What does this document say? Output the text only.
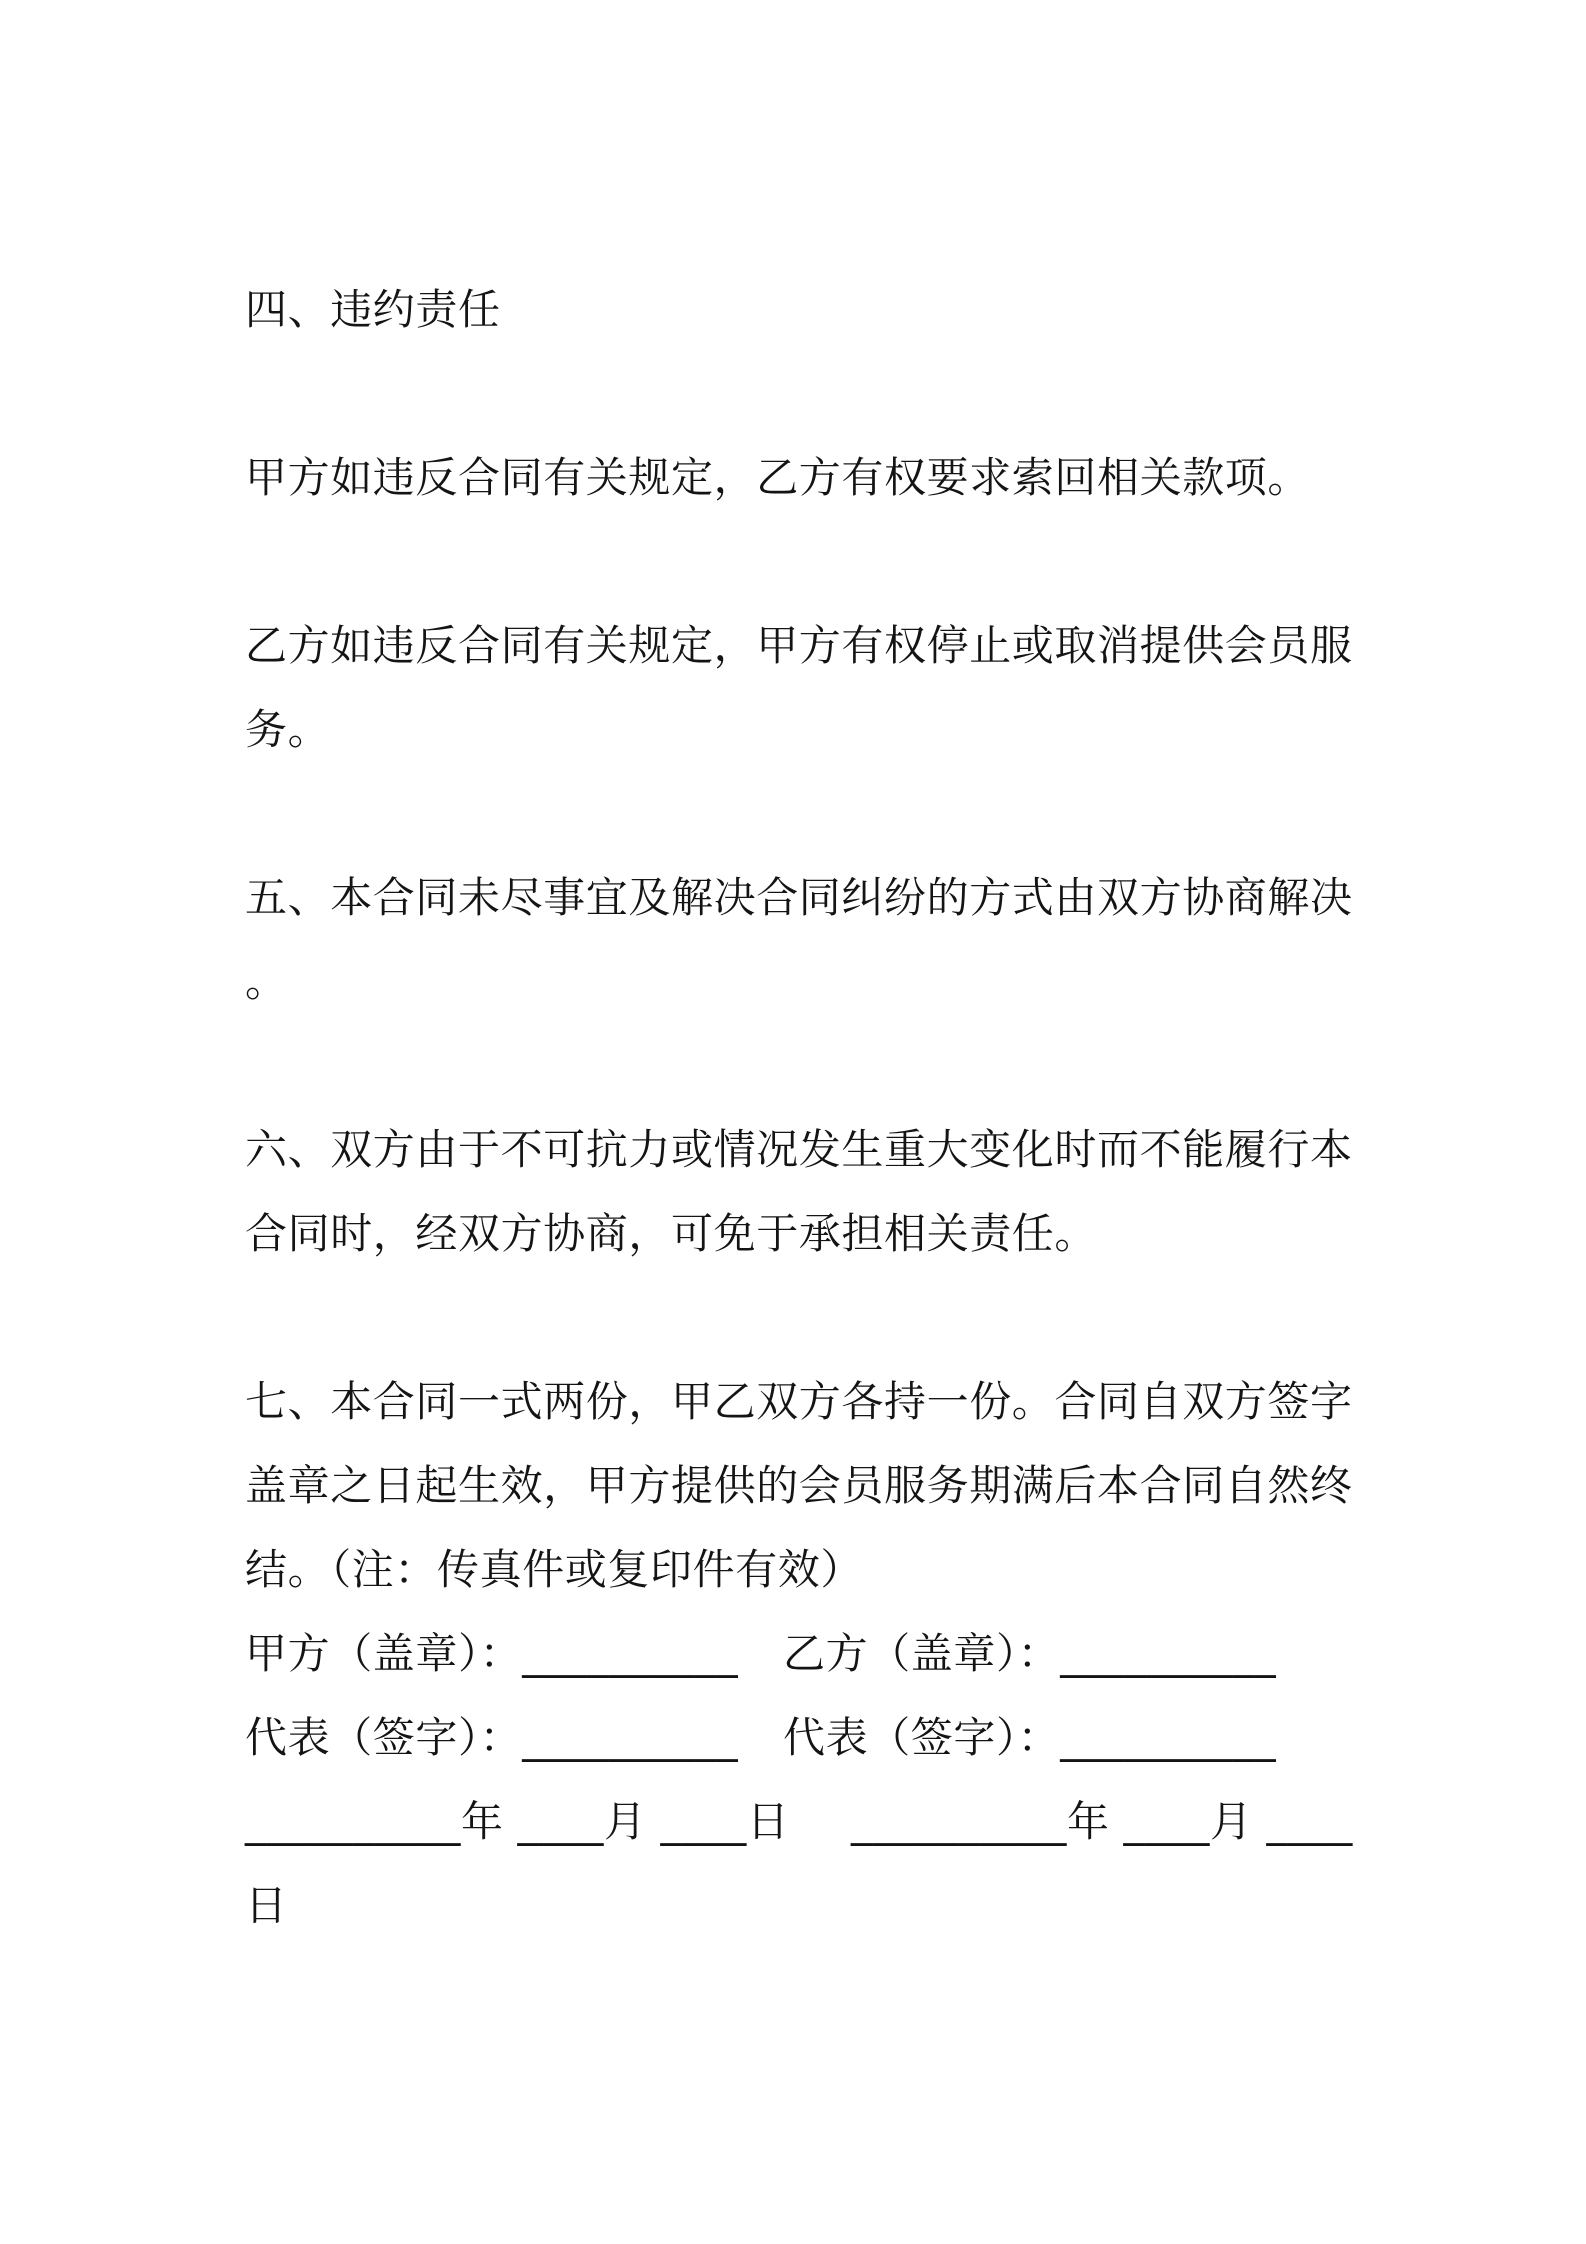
四、违约责任
甲方如违反合同有关规定，乙方有权要求索回相关款项。
乙方如违反合同有关规定，甲方有权停止或取消提供会员服
务。
五、本合同未尽事宜及解决合同纠纷的方式由双方协商解决
。
六、双方由于不可抗力或情况发生重大变化时而不能履行本
合同时，经双方协商，可免于承担相关责任。
七、本合同一式两份，甲乙双方各持一份。合同自双方签字
盖章之日起生效，甲方提供的会员服务期满后本合同自然终
结。（注：传真件或复印件有效）
甲方（盖章）：__________	乙方（盖章）：__________
代表（签字）：__________	代表（签字）：__________
__________年 ____月 ____日	__________年 ____月 ____
日
